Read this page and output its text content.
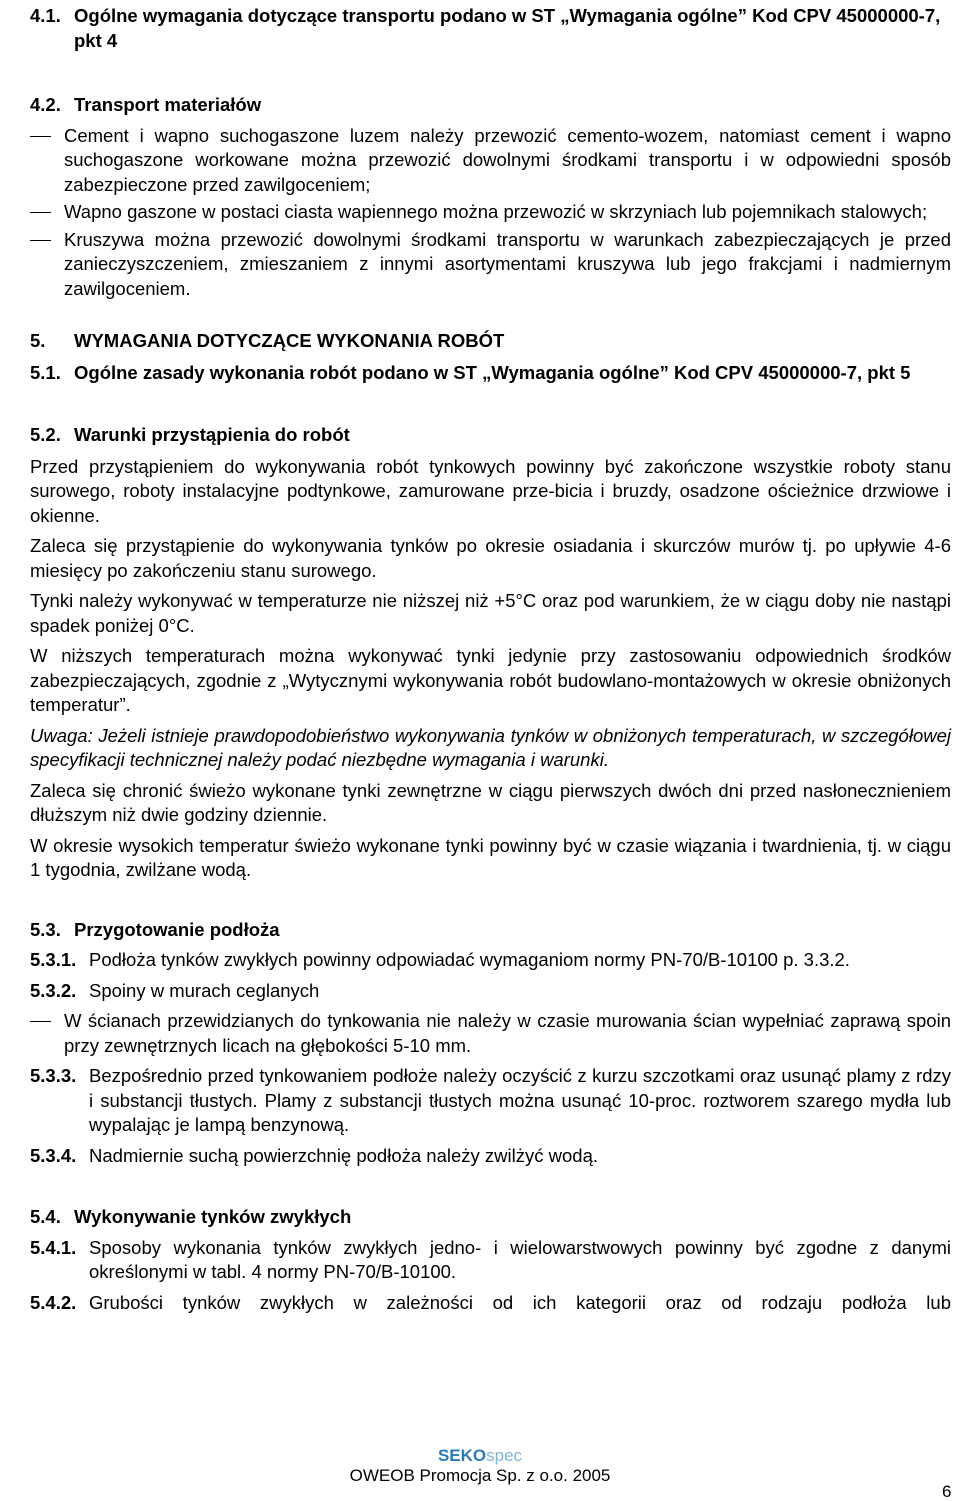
4.1. Ogólne wymagania dotyczące transportu podano w ST „Wymagania ogólne” Kod CPV 45000000-7, pkt 4
4.2. Transport materiałów
Cement i wapno suchogaszone luzem należy przewozić cemento-wozem, natomiast cement i wapno suchogaszone workowane można przewozić dowolnymi środkami transportu i w odpowiedni sposób zabezpieczone przed zawilgoceniem;
Wapno gaszone w postaci ciasta wapiennego można przewozić w skrzyniach lub pojemnikach stalowych;
Kruszywa można przewozić dowolnymi środkami transportu w warunkach zabezpieczających je przed zanieczyszczeniem, zmieszaniem z innymi asortymentami kruszywa lub jego frakcjami i nadmiernym zawilgoceniem.
5.	WYMAGANIA DOTYCZĄCE WYKONANIA ROBÓT
5.1. Ogólne zasady wykonania robót podano w ST „Wymagania ogólne” Kod CPV 45000000-7, pkt 5
5.2. Warunki przystąpienia do robót

Przed przystąpieniem do wykonywania robót tynkowych powinny być zakończone wszystkie roboty stanu surowego, roboty instalacyjne podtynkowe, zamurowane prze-bicia i bruzdy, osadzone ościeżnice drzwiowe i okienne.

Zaleca się przystąpienie do wykonywania tynków po okresie osiadania i skurczów murów tj. po upływie 4-6 miesięcy po zakończeniu stanu surowego.

Tynki należy wykonywać w temperaturze nie niższej niż +5°C oraz pod warunkiem, że w ciągu doby nie nastąpi spadek poniżej 0°C.

W niższych temperaturach można wykonywać tynki jedynie przy zastosowaniu odpowiednich środków zabezpieczających, zgodnie z „Wytycznymi wykonywania robót budowlano-montażowych w okresie obniżonych temperatur”.

Uwaga: Jeżeli istnieje prawdopodobieństwo wykonywania tynków w obniżonych temperaturach, w szczegółowej specyfikacji technicznej należy podać niezbędne wymagania i warunki.

Zaleca się chronić świeżo wykonane tynki zewnętrzne w ciągu pierwszych dwóch dni przed nasłonecznieniem dłuższym niż dwie godziny dziennie.

W okresie wysokich temperatur świeżo wykonane tynki powinny być w czasie wiązania i twardnienia, tj. w ciągu 1 tygodnia, zwilżane wodą.

5.3. Przygotowanie podłoża
5.3.1. Podłoża tynków zwykłych powinny odpowiadać wymaganiom normy PN-70/B-10100 p. 3.3.2.
5.3.2. Spoiny w murach ceglanych
W ścianach przewidzianych do tynkowania nie należy w czasie murowania ścian wypełniać zaprawą spoin przy zewnętrznych licach na głębokości 5-10 mm.
5.3.3. Bezpośrednio przed tynkowaniem podłoże należy oczyścić z kurzu szczotkami oraz usunąć plamy z rdzy i substancji tłustych. Plamy z substancji tłustych można usunąć 10-proc. roztworem szarego mydła lub wypalając je lampą benzynową.
5.3.4. Nadmiernie suchą powierzchnię podłoża należy zwilżyć wodą.
5.4. Wykonywanie tynków zwykłych
5.4.1. Sposoby wykonania tynków zwykłych jedno- i wielowarstwowych powinny być zgodne z danymi określonymi w tabl. 4 normy PN-70/B-10100.
5.4.2. Grubości tynków zwykłych w zależności od ich kategorii oraz od rodzaju podłoża lub
SEKOspec
OWEOB Promocja Sp. z o.o. 2005
6
